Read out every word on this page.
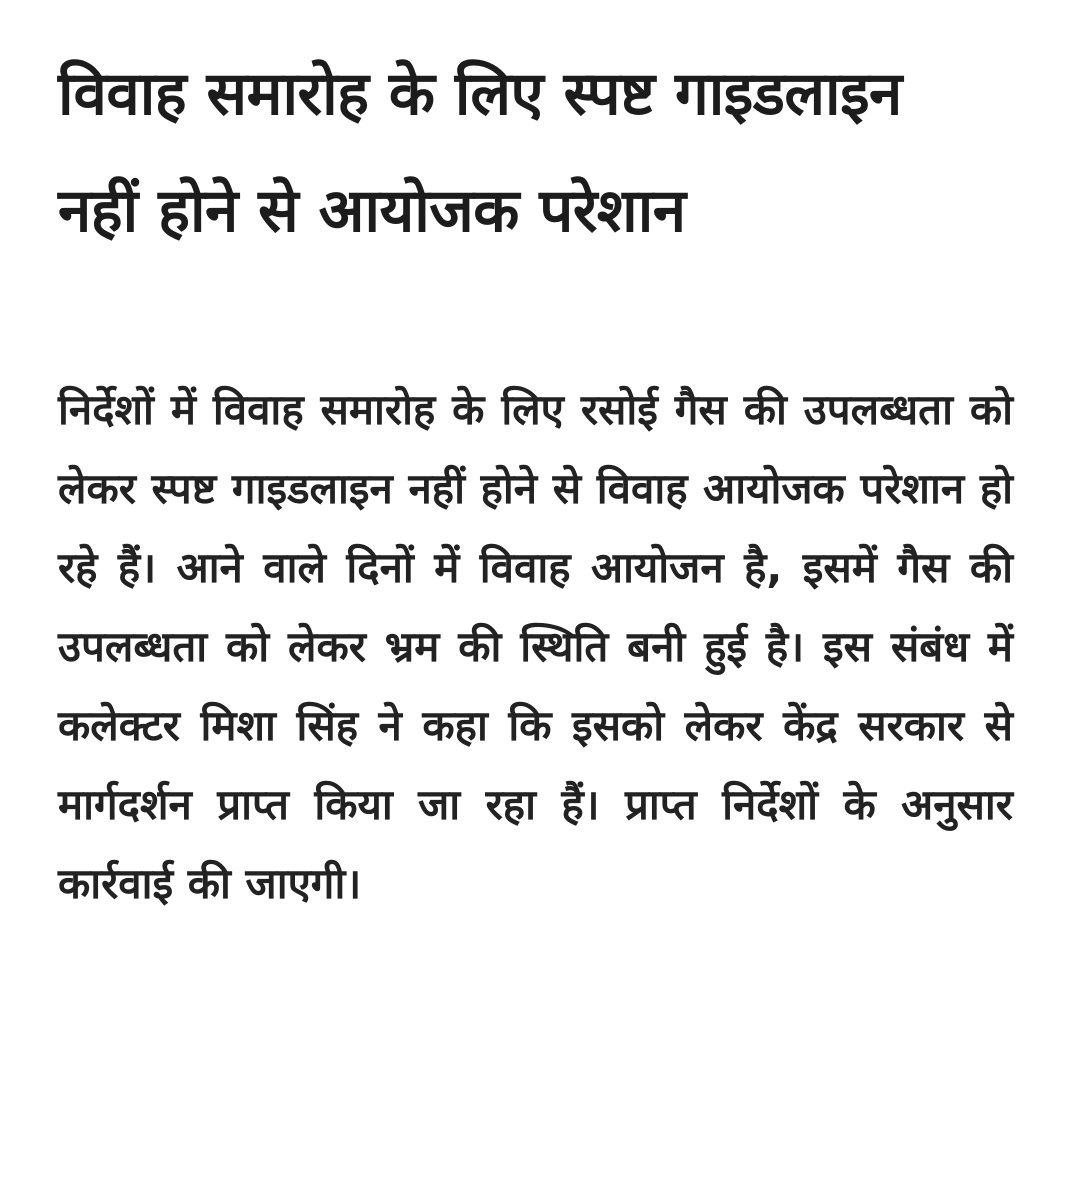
विवाह समारोह के लिए स्पष्ट गाइडलाइन नहीं होने से आयोजक परेशान

निर्देशों में विवाह समारोह के लिए रसोई गैस की उपलब्धता को लेकर स्पष्ट गाइडलाइन नहीं होने से विवाह आयोजक परेशान हो रहे हैं। आने वाले दिनों में विवाह आयोजन है, इसमें गैस की उपलब्धता को लेकर भ्रम की स्थिति बनी हुई है। इस संबंध में कलेक्टर मिशा सिंह ने कहा कि इसको लेकर केंद्र सरकार से मार्गदर्शन प्राप्त किया जा रहा हैं। प्राप्त निर्देशों के अनुसार कार्रवाई की जाएगी।
